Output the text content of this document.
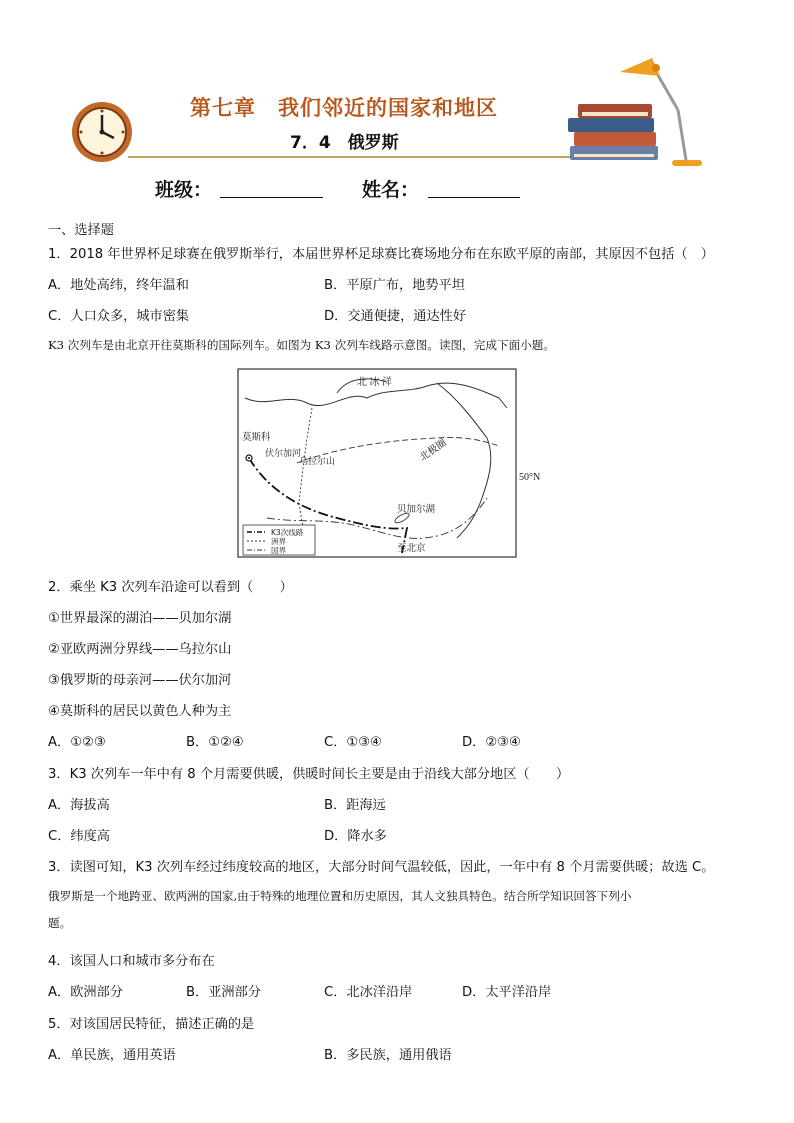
第七章　我们邻近的国家和地区
7．4　俄罗斯
班级：	姓名：
一、选择题
1．2018 年世界杯足球赛在俄罗斯举行，本届世界杯足球赛比赛场地分布在东欧平原的南部，其原因不包括（　）
A．地处高纬，终年温和	B．平原广布，地势平坦
C．人口众多，城市密集	D．交通便捷，通达性好
K3 次列车是由北京开往莫斯科的国际列车。如图为 K3 次列车线路示意图。读图，完成下面小题。
北 冰 洋
北极圈
50°N
莫斯科
伏尔加河
乌拉尔山
贝加尔湖
至北京
K3次线路
洲界
国界
2．乘坐 K3 次列车沿途可以看到（　　）
①世界最深的湖泊——贝加尔湖
②亚欧两洲分界线——乌拉尔山
③俄罗斯的母亲河——伏尔加河
④莫斯科的居民以黄色人种为主
A．①②③	B．①②④	C．①③④	D．②③④
3．K3 次列车一年中有 8 个月需要供暖，供暖时间长主要是由于沿线大部分地区（　　）
A．海拔高	B．距海远
C．纬度高	D．降水多
3．读图可知，K3 次列车经过纬度较高的地区，大部分时间气温较低，因此，一年中有 8 个月需要供暖；故选 C。
俄罗斯是一个地跨亚、欧两洲的国家,由于特殊的地理位置和历史原因，其人文独具特色。结合所学知识回答下列小
题。
4．该国人口和城市多分布在
A．欧洲部分	B．亚洲部分	C．北冰洋沿岸	D．太平洋沿岸
5．对该国居民特征，描述正确的是
A．单民族，通用英语	B．多民族，通用俄语
